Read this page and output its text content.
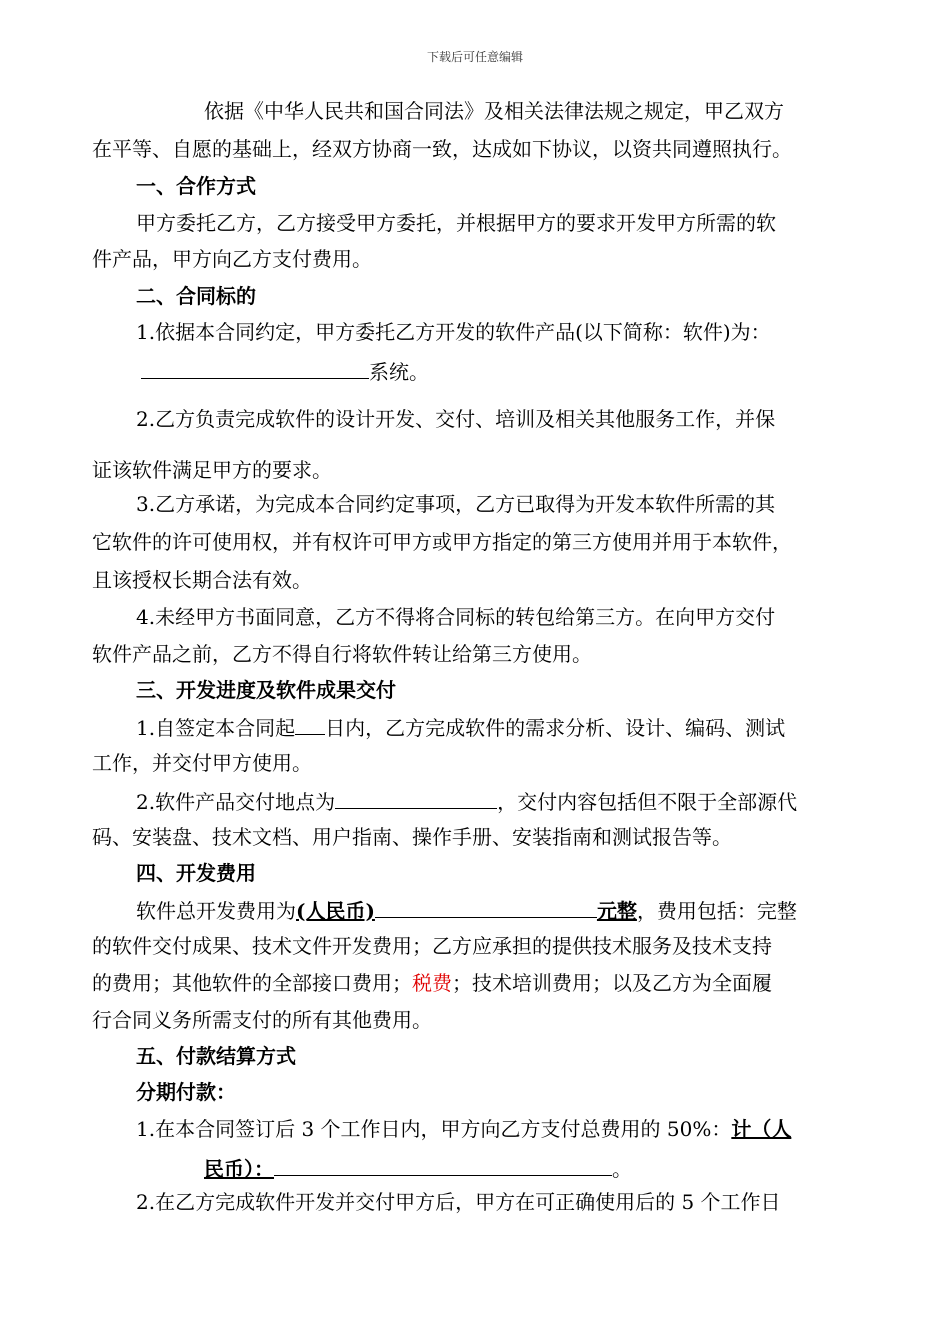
下载后可任意编辑
依据《中华人民共和国合同法》及相关法律法规之规定，甲乙双方
在平等、自愿的基础上，经双方协商一致，达成如下协议，以资共同遵照执行。
一、合作方式
甲方委托乙方，乙方接受甲方委托，并根据甲方的要求开发甲方所需的软
件产品，甲方向乙方支付费用。
二、合同标的
1.依据本合同约定，甲方委托乙方开发的软件产品(以下简称：软件)为：
系统。
2.乙方负责完成软件的设计开发、交付、培训及相关其他服务工作，并保
证该软件满足甲方的要求。
3.乙方承诺，为完成本合同约定事项，乙方已取得为开发本软件所需的其
它软件的许可使用权，并有权许可甲方或甲方指定的第三方使用并用于本软件，
且该授权长期合法有效。
4.未经甲方书面同意，乙方不得将合同标的转包给第三方。在向甲方交付
软件产品之前，乙方不得自行将软件转让给第三方使用。
三、开发进度及软件成果交付
1.自签定本合同起 日内，乙方完成软件的需求分析、设计、编码、测试
工作，并交付甲方使用。
2.软件产品交付地点为	，交付内容包括但不限于全部源代
码、安装盘、技术文档、用户指南、操作手册、安装指南和测试报告等。
四、开发费用
软件总开发费用为(人民币)	元整，费用包括：完整
的软件交付成果、技术文件开发费用；乙方应承担的提供技术服务及技术支持
的费用；其他软件的全部接口费用；税费；技术培训费用；以及乙方为全面履
行合同义务所需支付的所有其他费用。
五、付款结算方式
分期付款：
1.在本合同签订后 3 个工作日内，甲方向乙方支付总费用的 50%：计（人
民币）：	。
2.在乙方完成软件开发并交付甲方后，甲方在可正确使用后的 5 个工作日
